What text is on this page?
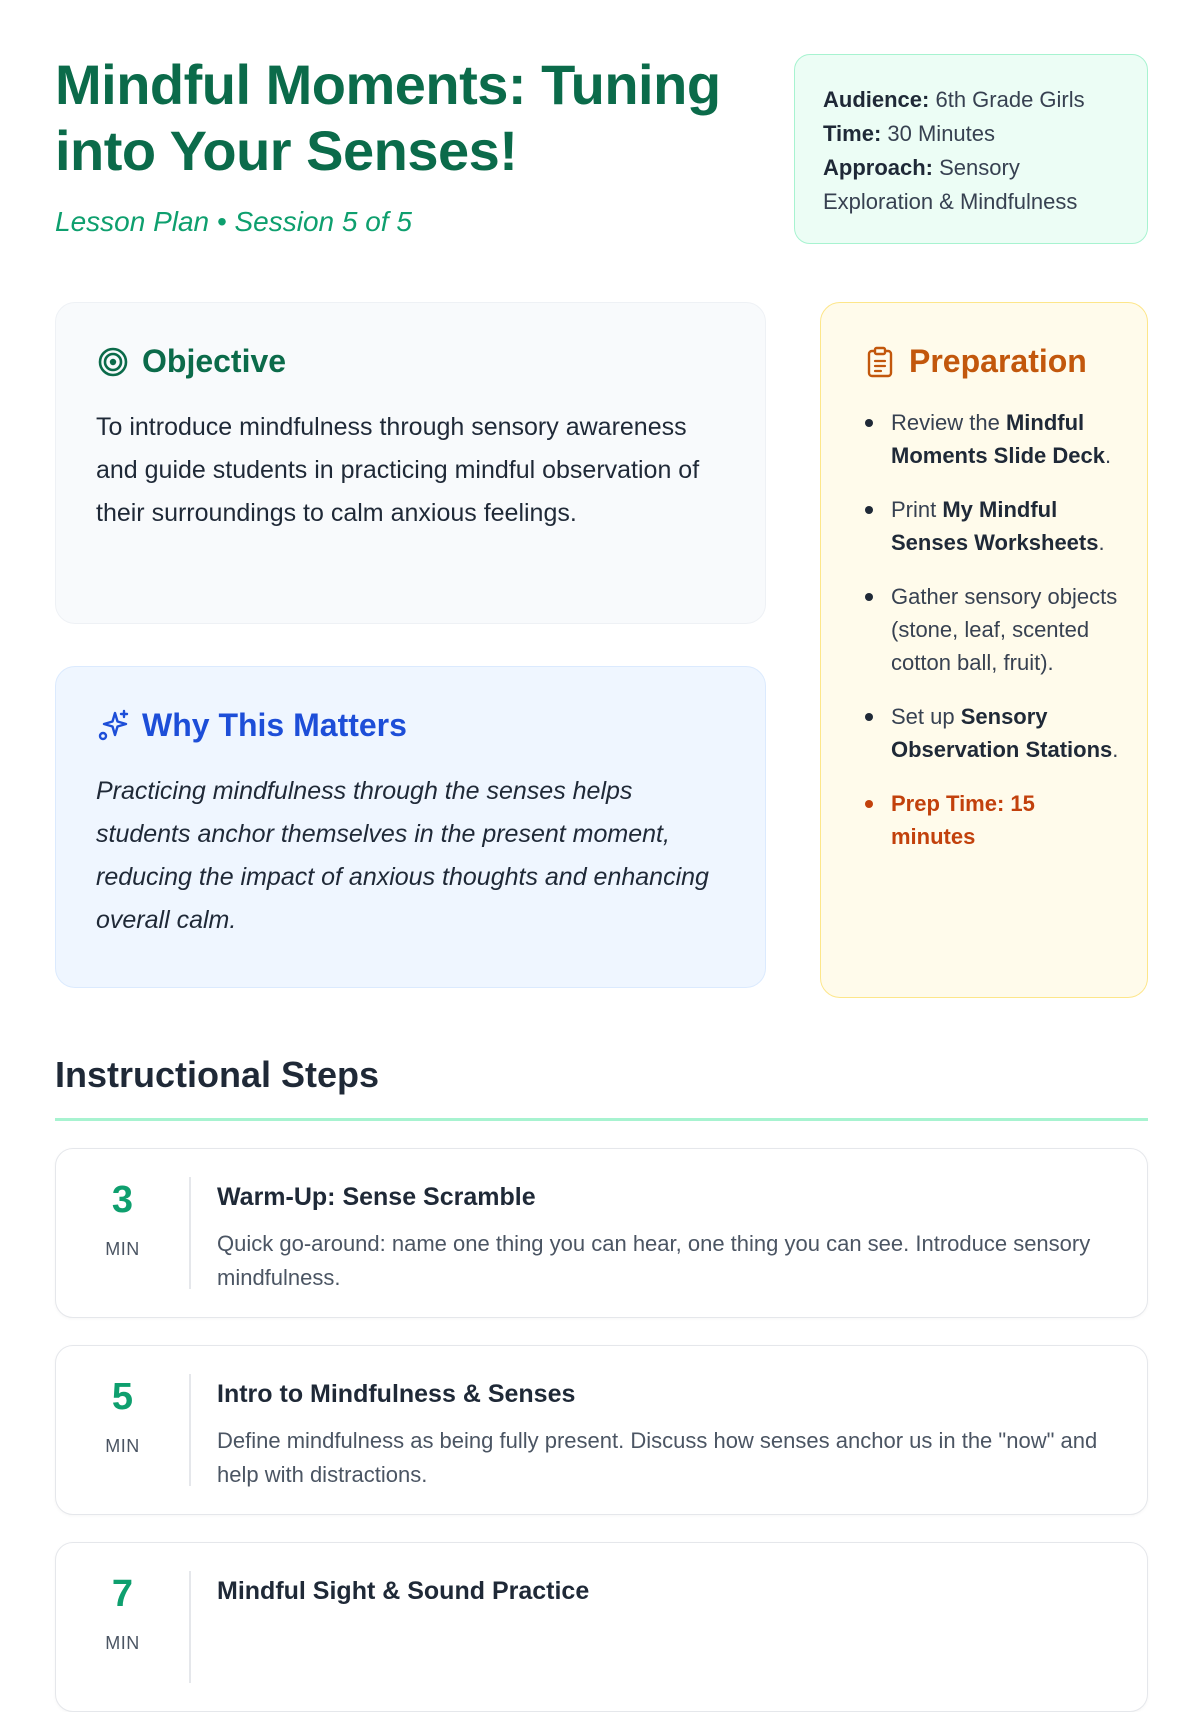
Mindful Moments: Tuning into Your Senses!
Lesson Plan • Session 5 of 5
Audience: 6th Grade Girls
Time: 30 Minutes
Approach: Sensory Exploration & Mindfulness
Objective

To introduce mindfulness through sensory awareness and guide students in practicing mindful observation of their surroundings to calm anxious feelings.

Why This Matters

Practicing mindfulness through the senses helps students anchor themselves in the present moment, reducing the impact of anxious thoughts and enhancing overall calm.

Preparation
Review the Mindful Moments Slide Deck.
Print My Mindful Senses Worksheets.
Gather sensory objects (stone, leaf, scented cotton ball, fruit).
Set up Sensory Observation Stations.
Prep Time: 15 minutes
Instructional Steps
3
MIN
Warm-Up: Sense Scramble
Quick go-around: name one thing you can hear, one thing you can see. Introduce sensory mindfulness.
5
MIN
Intro to Mindfulness & Senses
Define mindfulness as being fully present. Discuss how senses anchor us in the "now" and help with distractions.
7
MIN
Mindful Sight & Sound Practice
